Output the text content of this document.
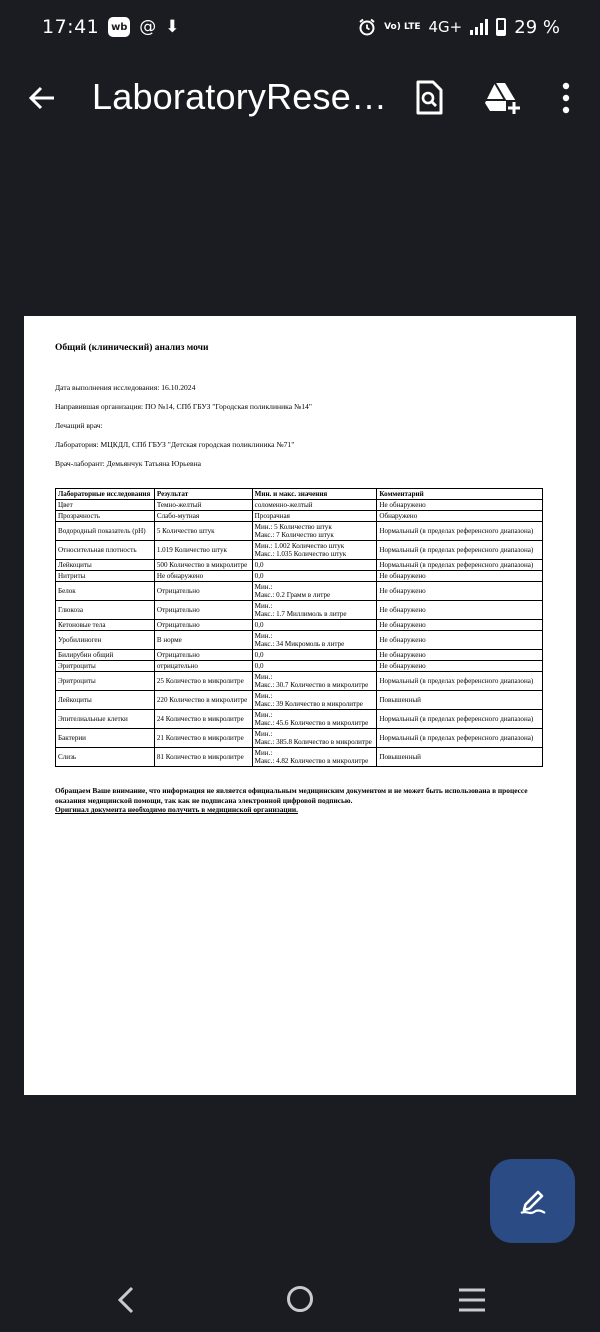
17:41 wb @ ⬇	Vo) LTE 4G+	29 %
LaboratoryRese…
Общий (клинический) анализ мочи
Дата выполнения исследования: 16.10.2024
Направившая организация: ПО №14, СПб ГБУЗ "Городская поликлиника №14"
Лечащий врач:
Лаборатория: МЦКДЛ, СПб ГБУЗ "Детская городская поликлиника №71"
Врач-лаборант: Демьянчук Татьяна Юрьевна
Лабораторные исследования	Результат	Мин. и макс. значения	Комментарий
Цвет	Темно-желтый	соломенно-желтый	Не обнаружено
Прозрачность	Слабо-мутная	Прозрачная	Обнаружено
Водородный показатель (pH)	5 Количество штук	Мин.: 5 Количество штук
Макс.: 7 Количество штук	Нормальный (в пределах референсного диапазона)
Относительная плотность	1.019 Количество штук	Мин.: 1.002 Количество штук
Макс.: 1.035 Количество штук	Нормальный (в пределах референсного диапазона)
Лейкоциты	500 Количество в микролитре	0,0	Нормальный (в пределах референсного диапазона)
Нитриты	Не обнаружено	0,0	Не обнаружено
Белок	Отрицательно	Мин.:
Макс.: 0.2 Грамм в литре	Не обнаружено
Глюкоза	Отрицательно	Мин.:
Макс.: 1.7 Миллимоль в литре	Не обнаружено
Кетоновые тела	Отрицательно	0,0	Не обнаружено
Уробилиноген	В норме	Мин.:
Макс.: 34 Микромоль в литре	Не обнаружено
Билирубин общий	Отрицательно	0,0	Не обнаружено
Эритроциты	отрицательно	0,0	Не обнаружено
Эритроциты	25 Количество в микролитре	Мин.:
Макс.: 30.7 Количество в микролитре	Нормальный (в пределах референсного диапазона)
Лейкоциты	220 Количество в микролитре	Мин.:
Макс.: 39 Количество в микролитре	Повышенный
Эпителиальные клетки	24 Количество в микролитре	Мин.:
Макс.: 45.6 Количество в микролитре	Нормальный (в пределах референсного диапазона)
Бактерии	21 Количество в микролитре	Мин.:
Макс.: 385.8 Количество в микролитре	Нормальный (в пределах референсного диапазона)
Слизь	81 Количество в микролитре	Мин.:
Макс.: 4.82 Количество в микролитре	Повышенный
Обращаем Ваше внимание, что информация не является официальным медицинским документом и не может быть использована в процессе оказания медицинской помощи, так как не подписана электронной цифровой подписью.
Оригинал документа необходимо получить в медицинской организации.
